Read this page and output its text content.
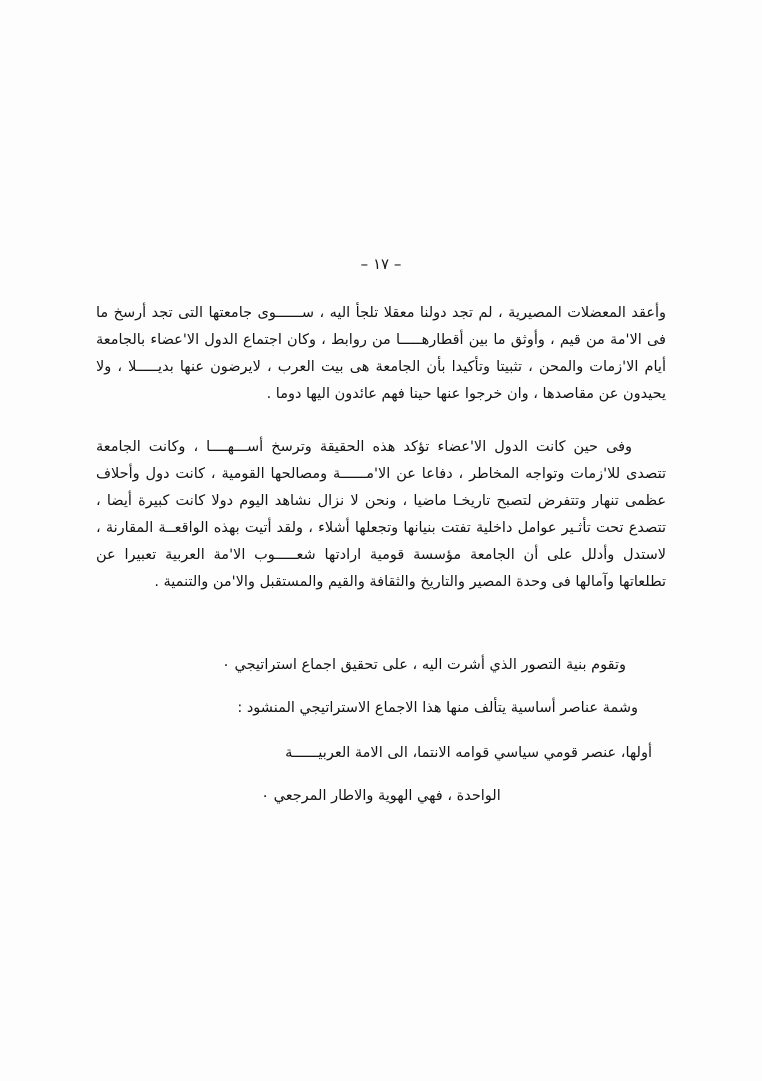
– ١٧ –

وأعقد المعضلات المصيرية ، لم تجد دولنا معقلا تلجأ اليه ، ســــــوى جامعتها التى تجد أرسخ ما فى الا'مة من قيم ، وأوثق ما بين أقطارهـــــا من روابط ، وكان اجتماع الدول الا'عضاء بالجامعة أيام الا'زمات والمحن ، تثبيتا وتأكيدا بأن الجامعة هى بيت العرب ، لايرضون عنها بديـــــلا ، ولا يحيدون عن مقاصدها ، وان خرجوا عنها حينا فهم عائدون اليها دوما .

وفى حين كانت الدول الا'عضاء تؤكد هذه الحقيقة وترسخ أســـهــــا ، وكانت الجامعة تتصدى للا'زمات وتواجه المخاطر ، دفاعا عن الا'مــــــة ومصالحها القومية ، كانت دول وأحلاف عظمى تنهار وتتفرض لتصبح تاريخـا ماضيا ، ونحن لا نزال نشاهد اليوم دولا كانت كبيرة أيضا ، تتصدع تحت تأثـير عوامل داخلية تفتت بنيانها وتجعلها أشلاء ، ولقد أتيت بهذه الواقعــة المقارنة ، لاستدل وأدلل على أن الجامعة مؤسسة قومية ارادتها شعـــــوب الا'مة العربية تعبيرا عن تطلعاتها وآمالها فى وحدة المصير والتاريخ والثقافة والقيم والمستقبل والا'من والتنمية .

وتقوم بنية التصور الذي أشرت اليه ، على تحقيق اجماع استراتيجي ٠

وشمة عناصر أساسية يتألف منها هذا الاجماع الاستراتيجي المنشود :

أولها، عنصر قومي سياسي قوامه الانتما، الى الامة العربيــــــة

الواحدة ، فهي الهوية والاطار المرجعي ٠
